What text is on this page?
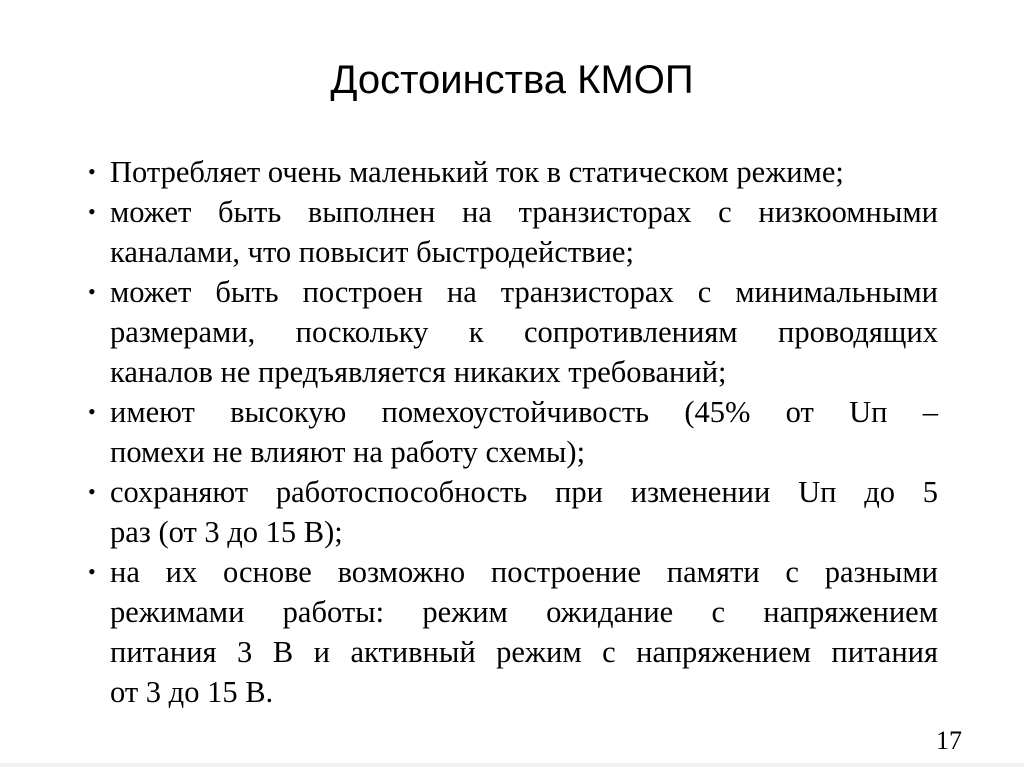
Достоинства КМОП
• Потребляет очень маленький ток в статическом режиме;
• может быть выполнен на транзисторах с низкоомными
каналами, что повысит быстродействие;
• может быть построен на транзисторах с минимальными
размерами, поскольку к сопротивлениям проводящих
каналов не предъявляется никаких требований;
• имеют высокую помехоустойчивость (45% от Uп –
помехи не влияют на работу схемы);
• сохраняют работоспособность при изменении Uп до 5
раз (от 3 до 15 В);
• на их основе возможно построение памяти с разными
режимами работы: режим ожидание с напряжением
питания 3 В и активный режим с напряжением питания
от 3 до 15 В.
17
